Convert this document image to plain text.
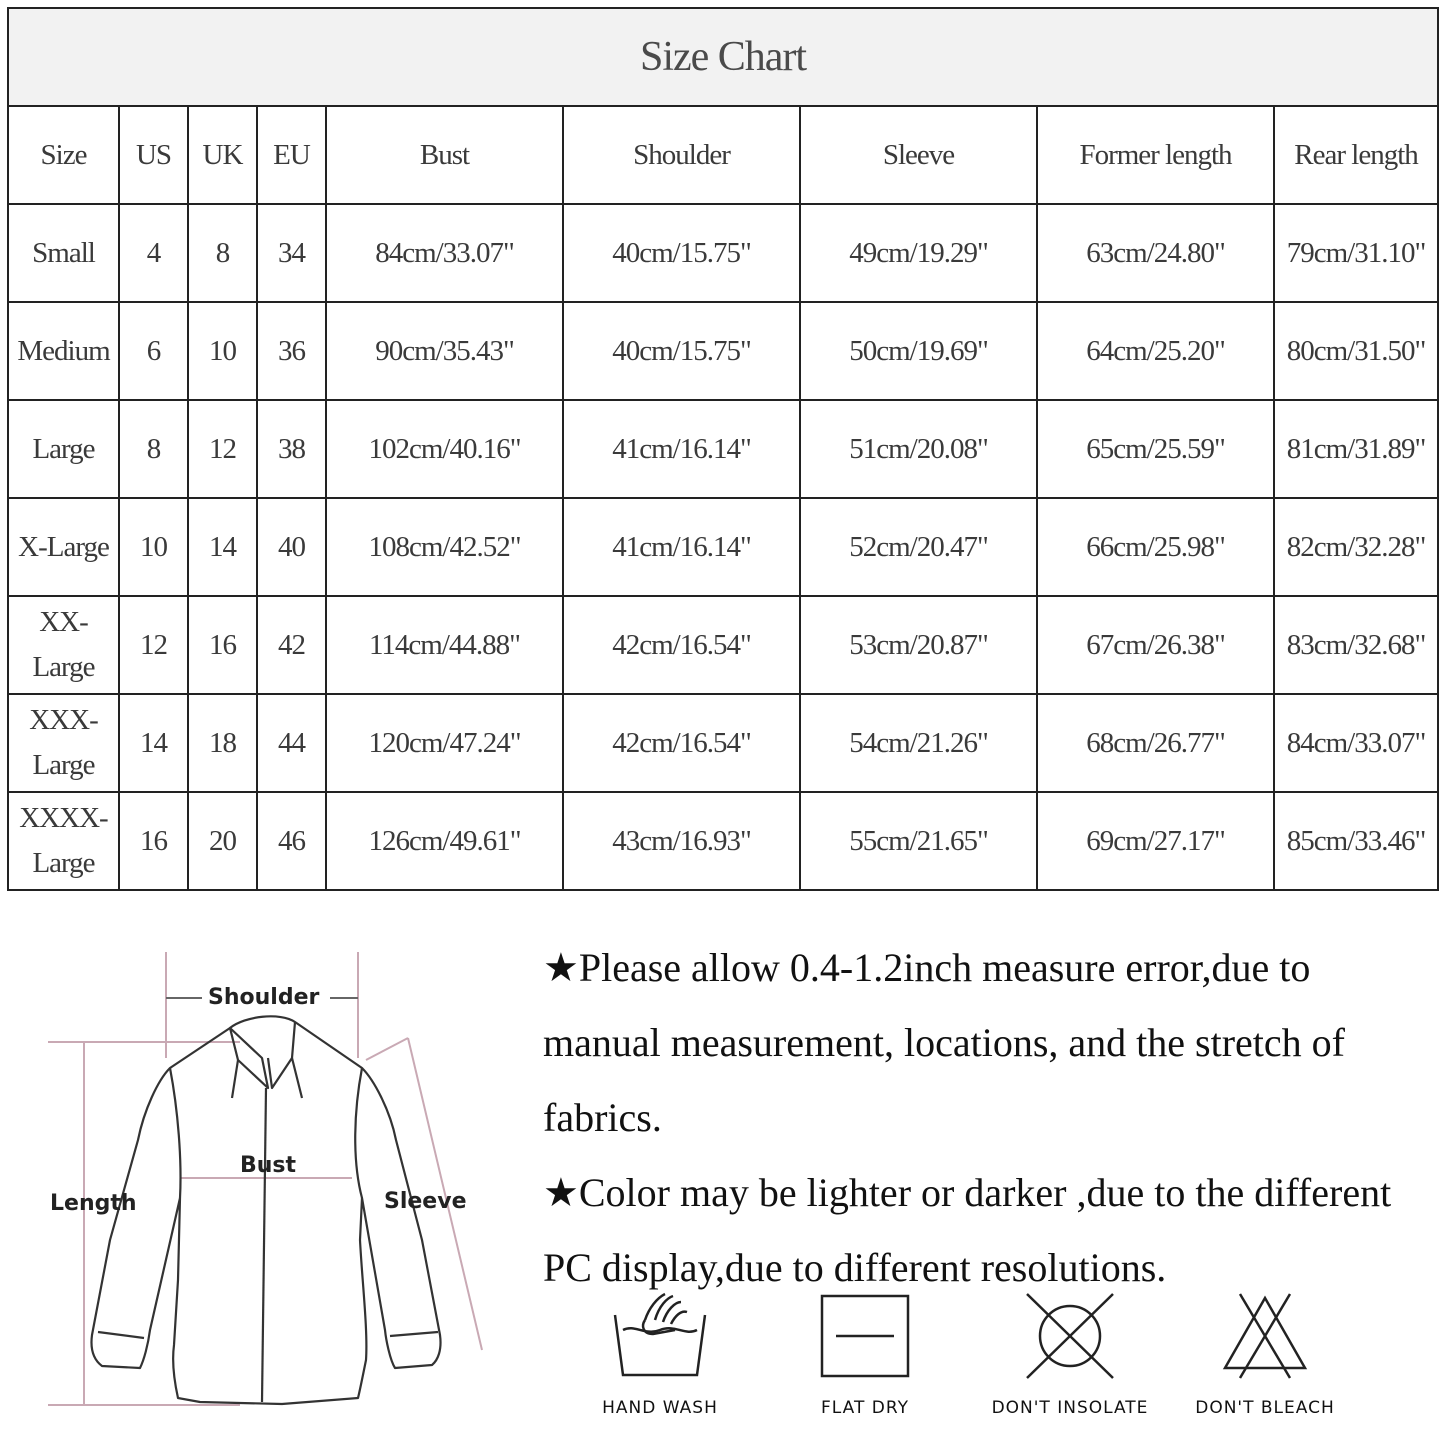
Size Chart								
Size	US	UK	EU	Bust	Shoulder	Sleeve	Former length	Rear length
Small	4	8	34	84cm/33.07"	40cm/15.75"	49cm/19.29"	63cm/24.80"	79cm/31.10"
Medium	6	10	36	90cm/35.43"	40cm/15.75"	50cm/19.69"	64cm/25.20"	80cm/31.50"
Large	8	12	38	102cm/40.16"	41cm/16.14"	51cm/20.08"	65cm/25.59"	81cm/31.89"
X-Large	10	14	40	108cm/42.52"	41cm/16.14"	52cm/20.47"	66cm/25.98"	82cm/32.28"
XX-Large	12	16	42	114cm/44.88"	42cm/16.54"	53cm/20.87"	67cm/26.38"	83cm/32.68"
XXX-Large	14	18	44	120cm/47.24"	42cm/16.54"	54cm/21.26"	68cm/26.77"	84cm/33.07"
XXXX-Large	16	20	46	126cm/49.61"	43cm/16.93"	55cm/21.65"	69cm/27.17"	85cm/33.46"
Shoulder
Bust
Length	Sleeve

★Please allow 0.4-1.2inch measure error,due to manual measurement, locations, and the stretch of fabrics.

★Color may be lighter or darker ,due to the different PC display,due to different resolutions.

HAND WASH	FLAT DRY	DON'T INSOLATE	DON'T BLEACH
